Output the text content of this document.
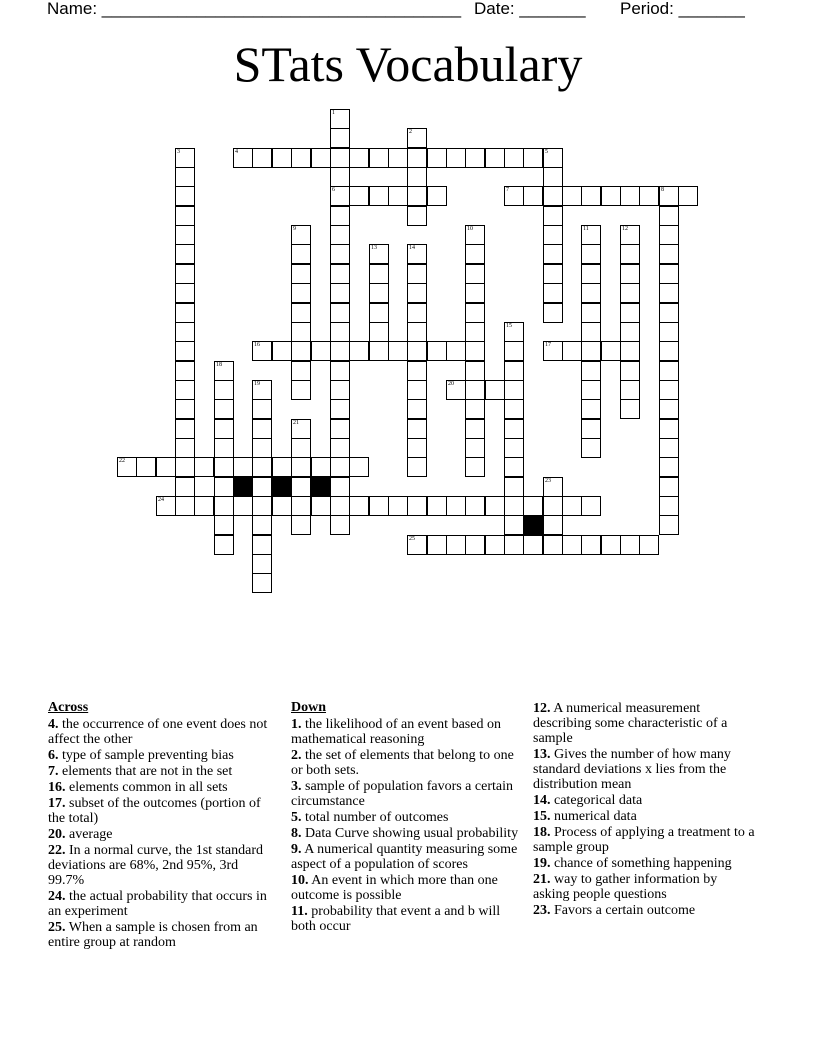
Name: ______________________________________ Date: _______ Period: _______
STats Vocabulary
1
6
2
3	4	5
7	8
9	10	11	12
13	14
15
16	17
18
19	20
21
22
23
24
25
Across
4. the occurrence of one event does not affect the other
6. type of sample preventing bias
7. elements that are not in the set
16. elements common in all sets
17. subset of the outcomes (portion of the total)
20. average
22. In a normal curve, the 1st standard deviations are 68%, 2nd 95%, 3rd 99.7%
24. the actual probability that occurs in an experiment
25. When a sample is chosen from an entire group at random
Down
1. the likelihood of an event based on mathematical reasoning
2. the set of elements that belong to one or both sets.
3. sample of population favors a certain circumstance
5. total number of outcomes
8. Data Curve showing usual probability
9. A numerical quantity measuring some aspect of a population of scores
10. An event in which more than one outcome is possible
11. probability that event a and b will both occur
12. A numerical measurement describing some characteristic of a sample
13. Gives the number of how many standard deviations x lies from the distribution mean
14. categorical data
15. numerical data
18. Process of applying a treatment to a sample group
19. chance of something happening
21. way to gather information by asking people questions
23. Favors a certain outcome
